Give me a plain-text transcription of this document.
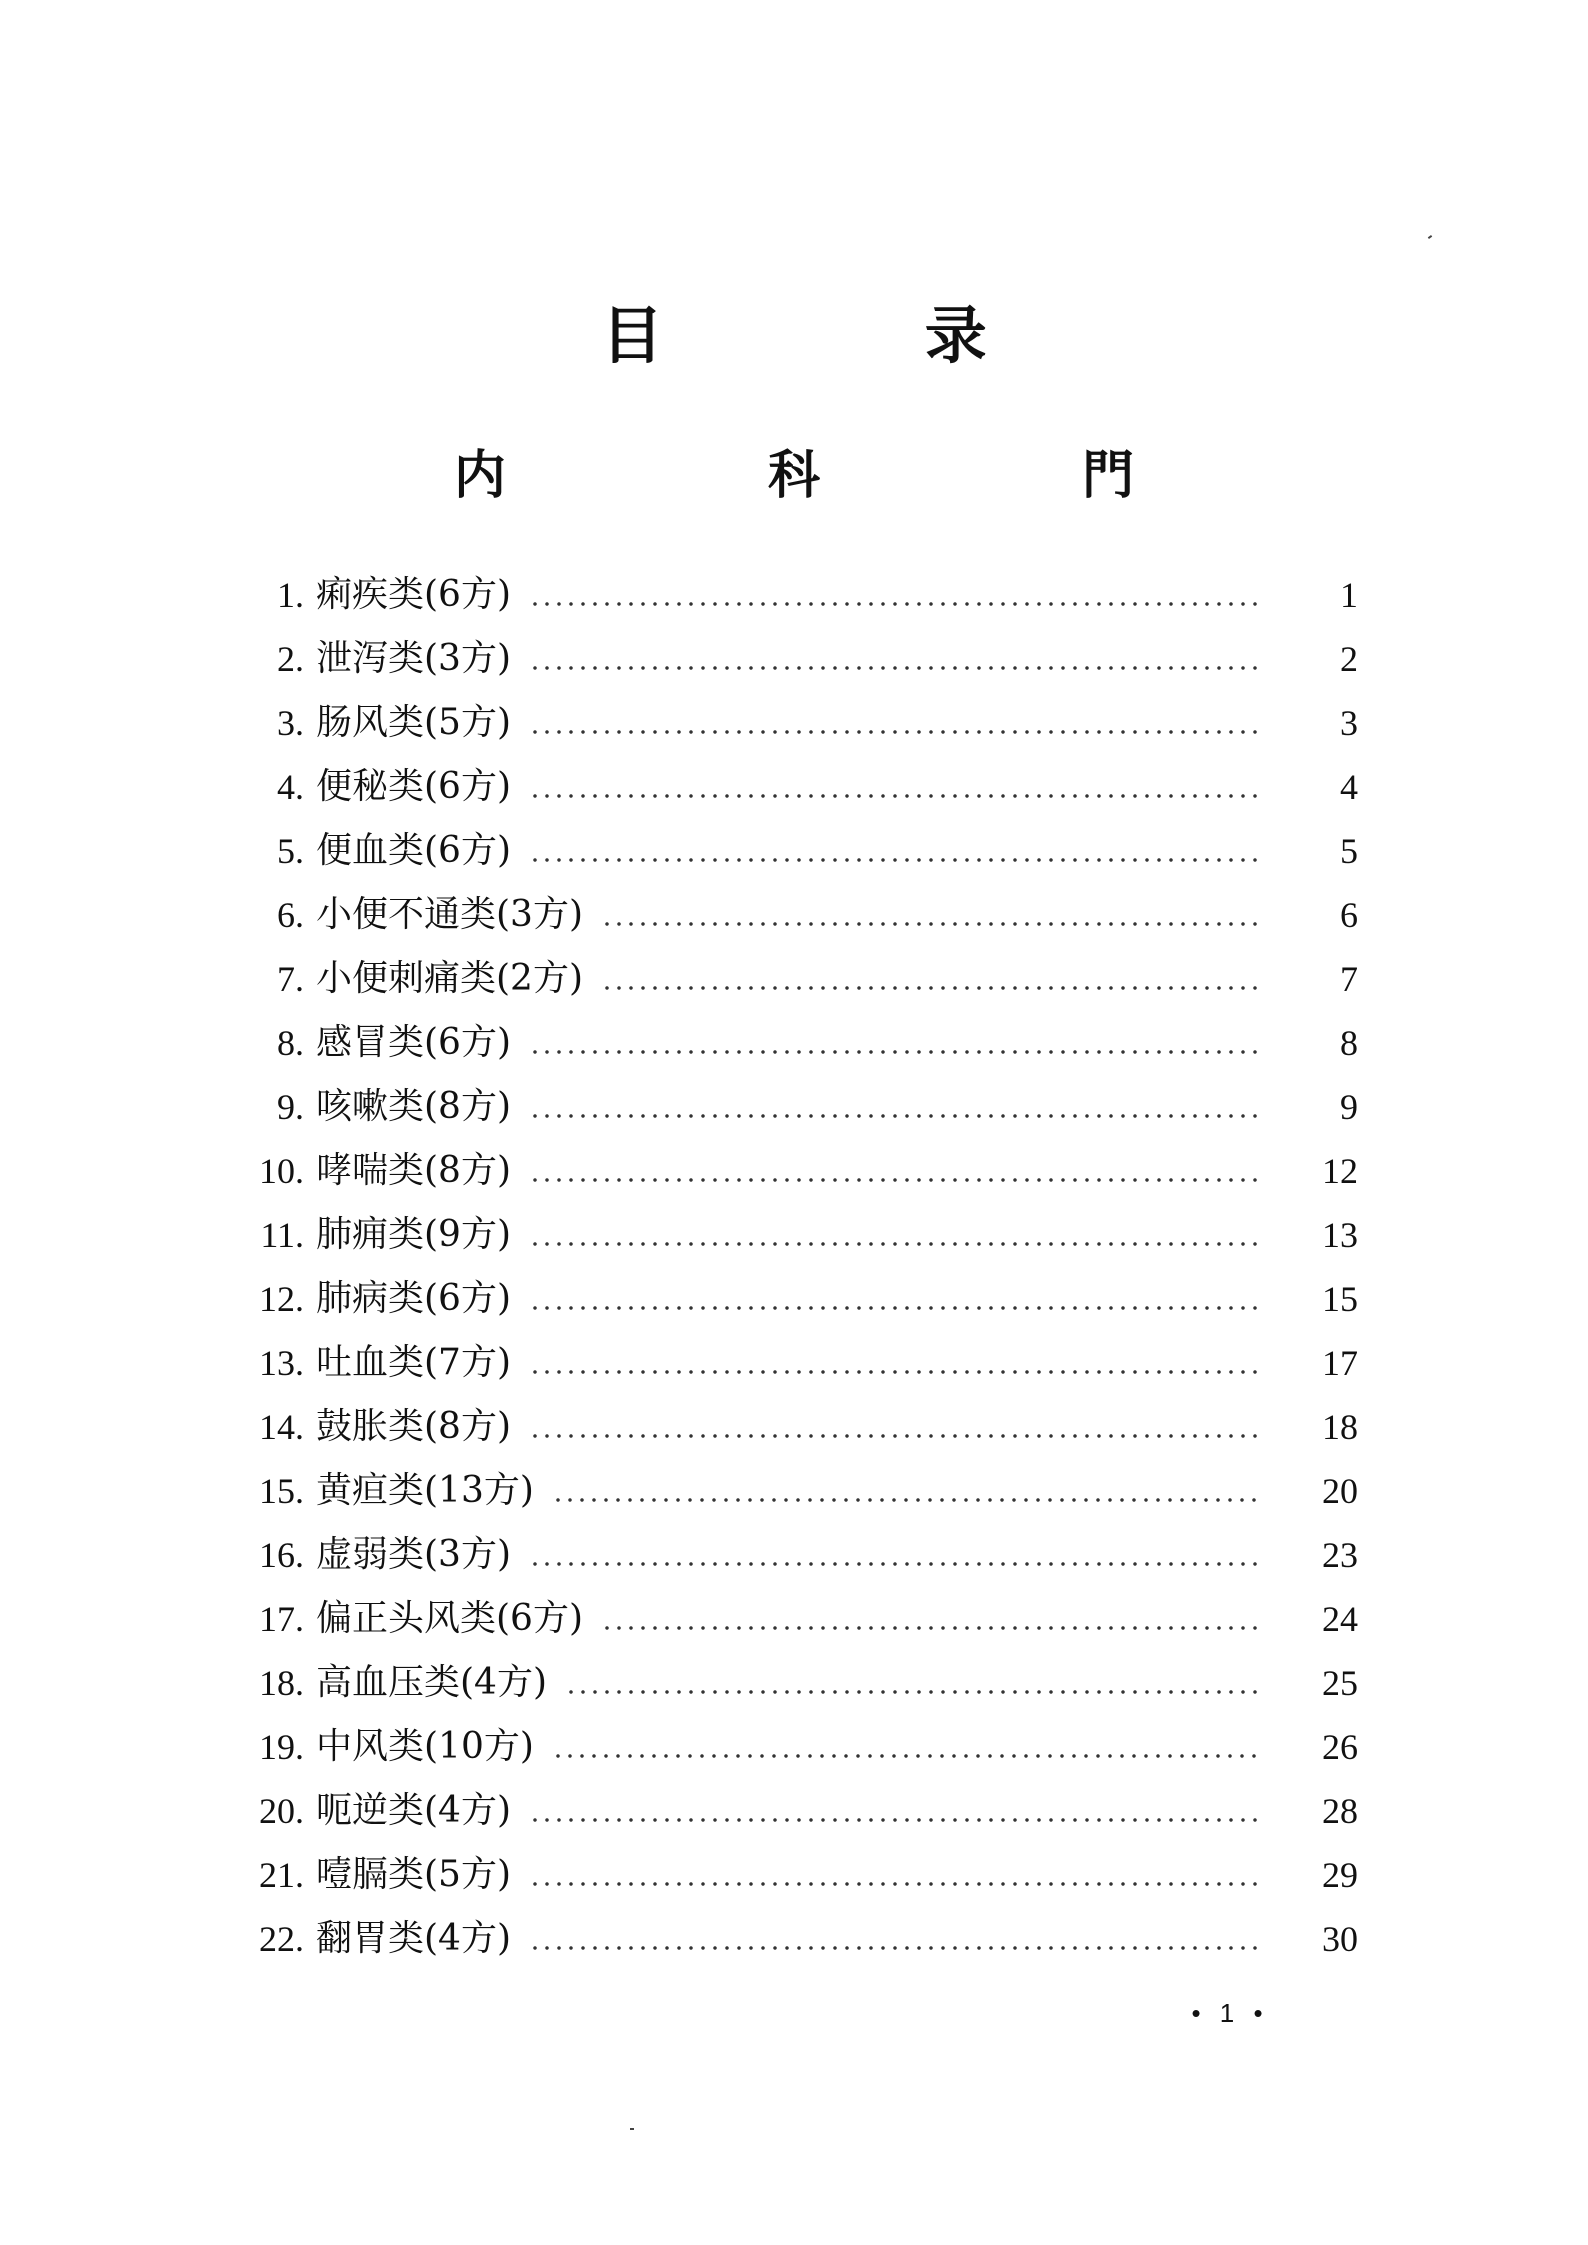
目 录
内 科 門
1. 痢疾类(6方)	1
2. 泄泻类(3方)	2
3. 肠风类(5方)	3
4. 便秘类(6方)	4
5. 便血类(6方)	5
6. 小便不通类(3方)	6
7. 小便刺痛类(2方)	7
8. 感冒类(6方)	8
9. 咳嗽类(8方)	9
10. 哮喘类(8方)	12
11. 肺痈类(9方)	13
12. 肺病类(6方)	15
13. 吐血类(7方)	17
14. 鼓胀类(8方)	18
15. 黄疸类(13方)	20
16. 虚弱类(3方)	23
17. 偏正头风类(6方)	24
18. 高血压类(4方)	25
19. 中风类(10方)	26
20. 呃逆类(4方)	28
21. 噎膈类(5方)	29
22. 翻胃类(4方)	30
• 1 •
